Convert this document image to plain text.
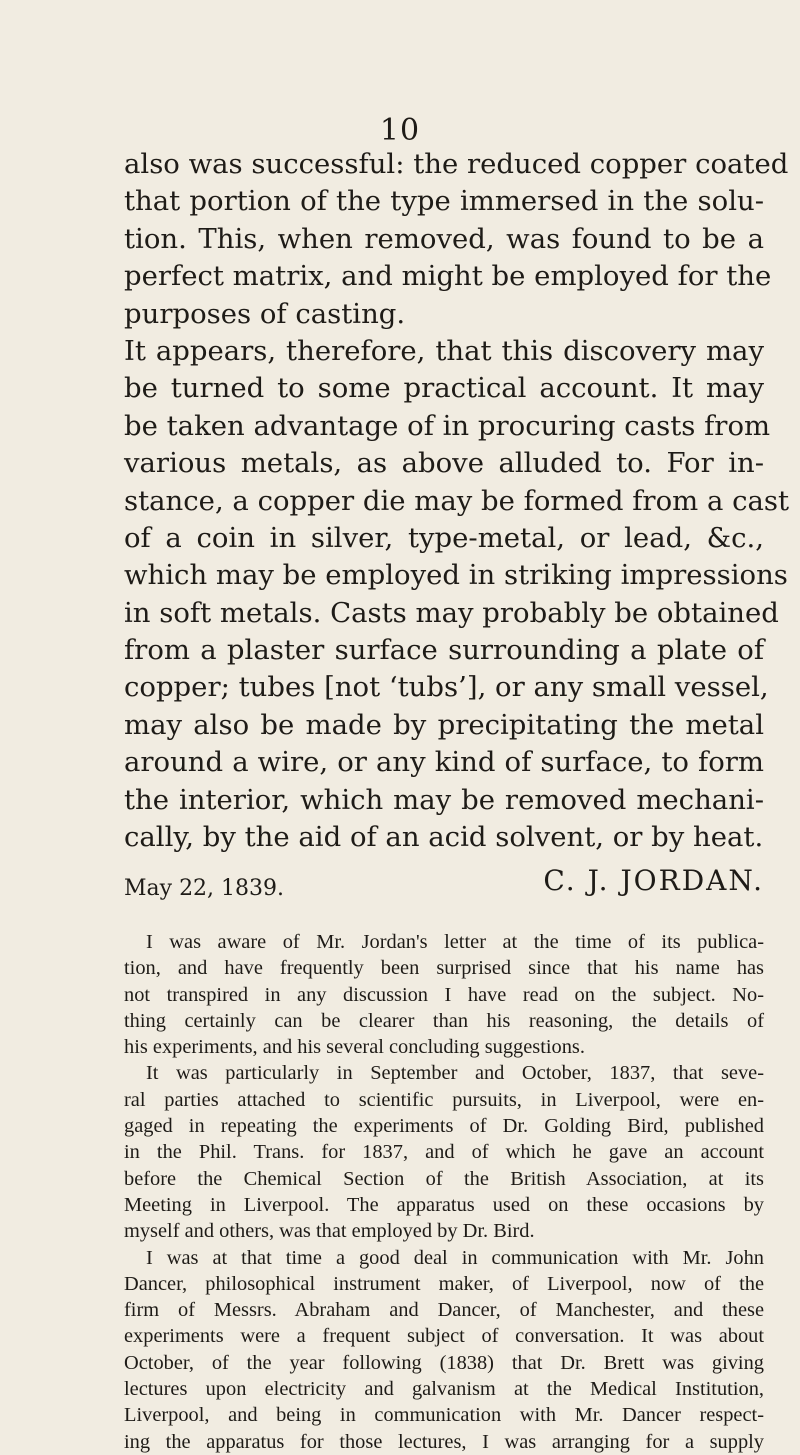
10
also was successful: the reduced copper coated
that portion of the type immersed in the solu-
tion. This, when removed, was found to be a
perfect matrix, and might be employed for the
purposes of casting.
It appears, therefore, that this discovery may
be turned to some practical account. It may
be taken advantage of in procuring casts from
various metals, as above alluded to. For in-
stance, a copper die may be formed from a cast
of a coin in silver, type-metal, or lead, &c.,
which may be employed in striking impressions
in soft metals. Casts may probably be obtained
from a plaster surface surrounding a plate of
copper; tubes [not ‘tubs’], or any small vessel,
may also be made by precipitating the metal
around a wire, or any kind of surface, to form
the interior, which may be removed mechani-
cally, by the aid of an acid solvent, or by heat.
May 22, 1839.	C. J. JORDAN.
I was aware of Mr. Jordan's letter at the time of its publica-
tion, and have frequently been surprised since that his name has
not transpired in any discussion I have read on the subject. No-
thing certainly can be clearer than his reasoning, the details of
his experiments, and his several concluding suggestions.
It was particularly in September and October, 1837, that seve-
ral parties attached to scientific pursuits, in Liverpool, were en-
gaged in repeating the experiments of Dr. Golding Bird, published
in the Phil. Trans. for 1837, and of which he gave an account
before the Chemical Section of the British Association, at its
Meeting in Liverpool. The apparatus used on these occasions by
myself and others, was that employed by Dr. Bird.
I was at that time a good deal in communication with Mr. John
Dancer, philosophical instrument maker, of Liverpool, now of the
firm of Messrs. Abraham and Dancer, of Manchester, and these
experiments were a frequent subject of conversation. It was about
October, of the year following (1838) that Dr. Brett was giving
lectures upon electricity and galvanism at the Medical Institution,
Liverpool, and being in communication with Mr. Dancer respect-
ing the apparatus for those lectures, I was arranging for a supply
